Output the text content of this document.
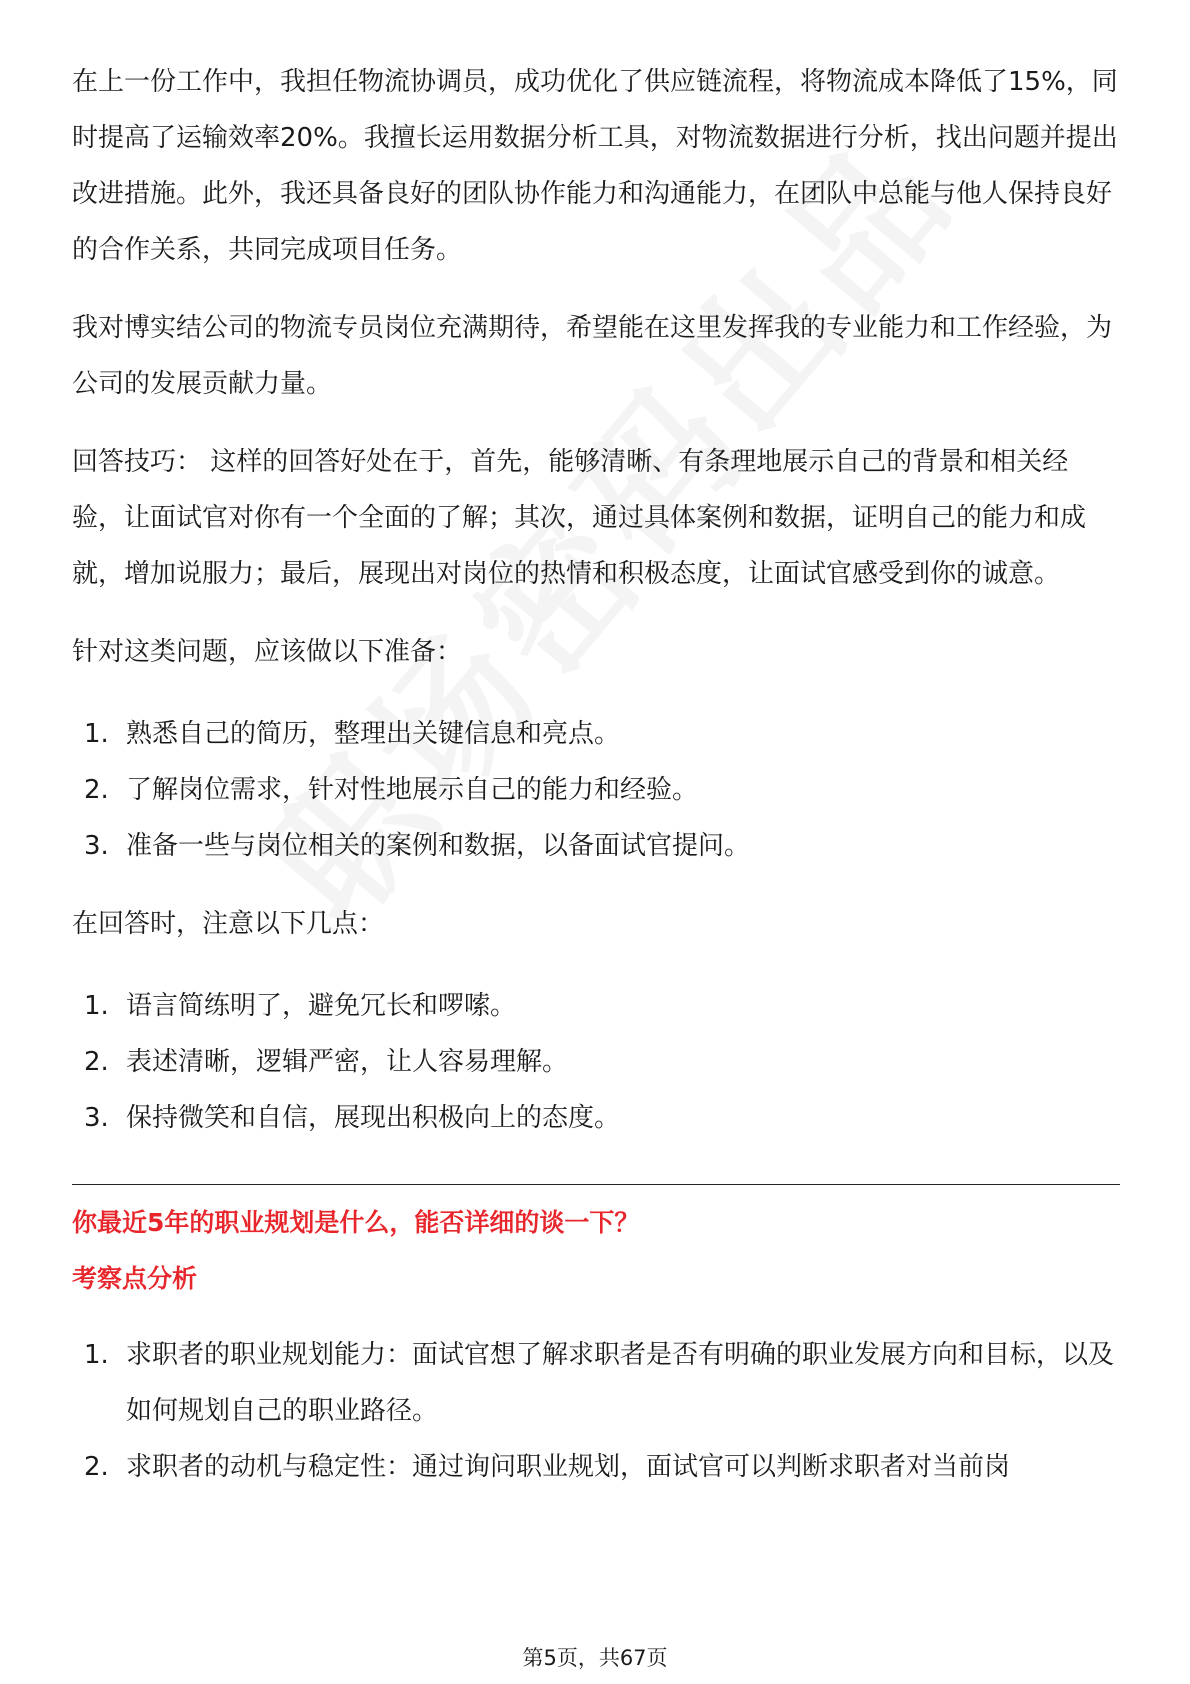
在上一份工作中，我担任物流协调员，成功优化了供应链流程，将物流成本降低了15%，同时提高了运输效率20%。我擅长运用数据分析工具，对物流数据进行分析，找出问题并提出改进措施。此外，我还具备良好的团队协作能力和沟通能力，在团队中总能与他人保持良好的合作关系，共同完成项目任务。

我对博实结公司的物流专员岗位充满期待，希望能在这里发挥我的专业能力和工作经验，为公司的发展贡献力量。

回答技巧： 这样的回答好处在于，首先，能够清晰、有条理地展示自己的背景和相关经验，让面试官对你有一个全面的了解；其次，通过具体案例和数据，证明自己的能力和成就，增加说服力；最后，展现出对岗位的热情和积极态度，让面试官感受到你的诚意。

针对这类问题，应该做以下准备：

1. 熟悉自己的简历，整理出关键信息和亮点。
2. 了解岗位需求，针对性地展示自己的能力和经验。
3. 准备一些与岗位相关的案例和数据，以备面试官提问。

在回答时，注意以下几点：

1. 语言简练明了，避免冗长和啰嗦。
2. 表述清晰，逻辑严密，让人容易理解。
3. 保持微笑和自信，展现出积极向上的态度。

你最近5年的职业规划是什么，能否详细的谈一下？

考察点分析

1. 求职者的职业规划能力：面试官想了解求职者是否有明确的职业发展方向和目标，以及如何规划自己的职业路径。
2. 求职者的动机与稳定性：通过询问职业规划，面试官可以判断求职者对当前岗
第5页，共67页
